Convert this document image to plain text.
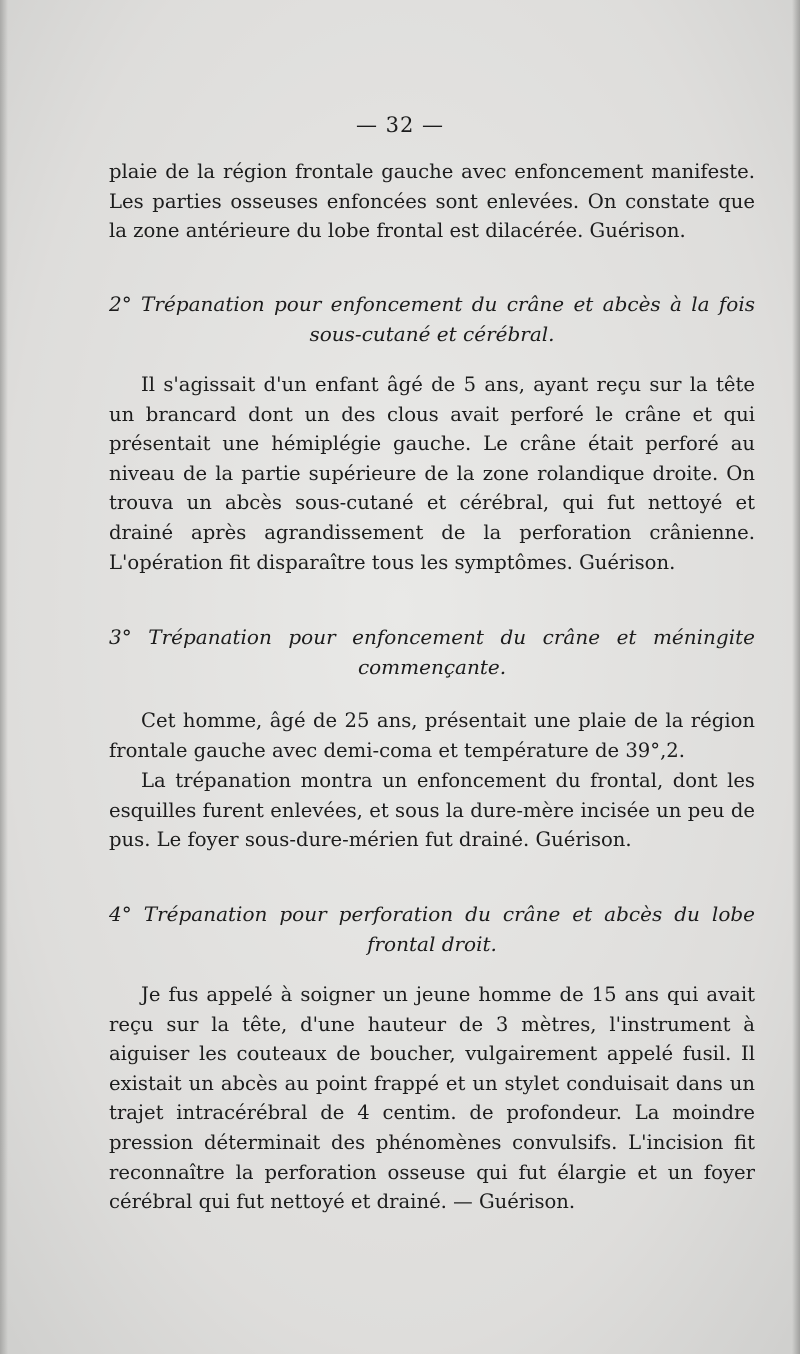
— 32 —

plaie de la région frontale gauche avec enfoncement manifeste. Les parties osseuses enfoncées sont enlevées. On constate que la zone antérieure du lobe frontal est dilacérée. Guérison.

2° Trépanation pour enfoncement du crâne et abcès à la fois
sous-cutané et cérébral.

Il s'agissait d'un enfant âgé de 5 ans, ayant reçu sur la tête un brancard dont un des clous avait perforé le crâne et qui présentait une hémiplégie gauche. Le crâne était perforé au niveau de la partie supérieure de la zone rolandique droite. On trouva un abcès sous-cutané et cérébral, qui fut nettoyé et drainé après agrandissement de la perforation crânienne. L'opération fit disparaître tous les symptômes. Guérison.

3° Trépanation pour enfoncement du crâne et méningite
commençante.

Cet homme, âgé de 25 ans, présentait une plaie de la région frontale gauche avec demi-coma et température de 39°,2.

La trépanation montra un enfoncement du frontal, dont les esquilles furent enlevées, et sous la dure-mère incisée un peu de pus. Le foyer sous-dure-mérien fut drainé. Guérison.

4° Trépanation pour perforation du crâne et abcès du lobe
frontal droit.

Je fus appelé à soigner un jeune homme de 15 ans qui avait reçu sur la tête, d'une hauteur de 3 mètres, l'instrument à aiguiser les couteaux de boucher, vulgairement appelé fusil. Il existait un abcès au point frappé et un stylet conduisait dans un trajet intracérébral de 4 centim. de profondeur. La moindre pression déterminait des phénomènes convulsifs. L'incision fit reconnaître la perforation osseuse qui fut élargie et un foyer cérébral qui fut nettoyé et drainé. — Guérison.
